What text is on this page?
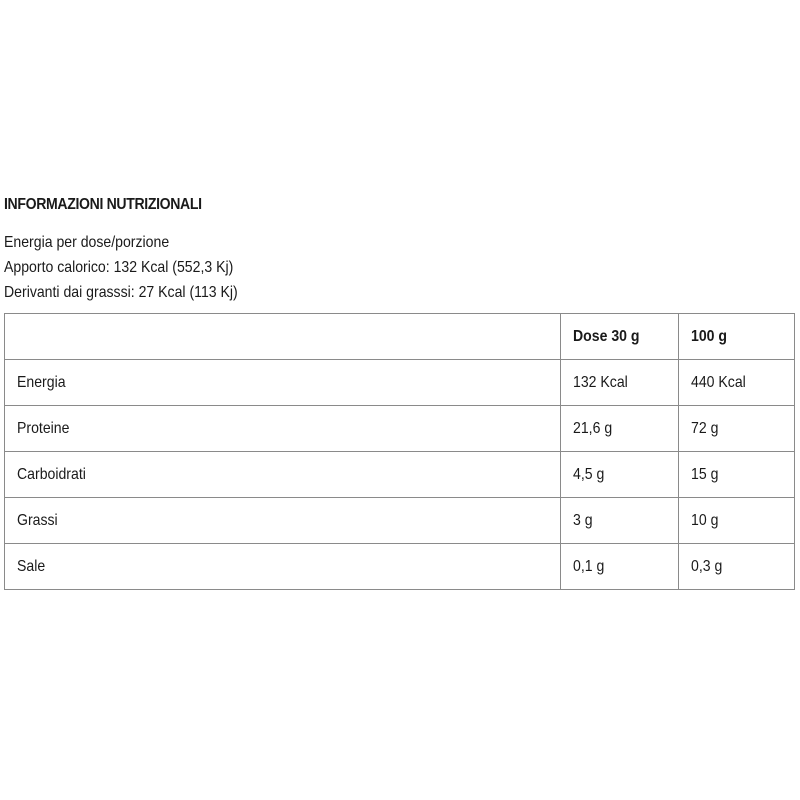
INFORMAZIONI NUTRIZIONALI
Energia per dose/porzione
Apporto calorico: 132 Kcal (552,3 Kj)
Derivanti dai grasssi: 27 Kcal (113 Kj)
	Dose 30 g	100 g
Energia	132 Kcal	440 Kcal
Proteine	21,6 g	72 g
Carboidrati	4,5 g	15 g
Grassi	3 g	10 g
Sale	0,1 g	0,3 g
